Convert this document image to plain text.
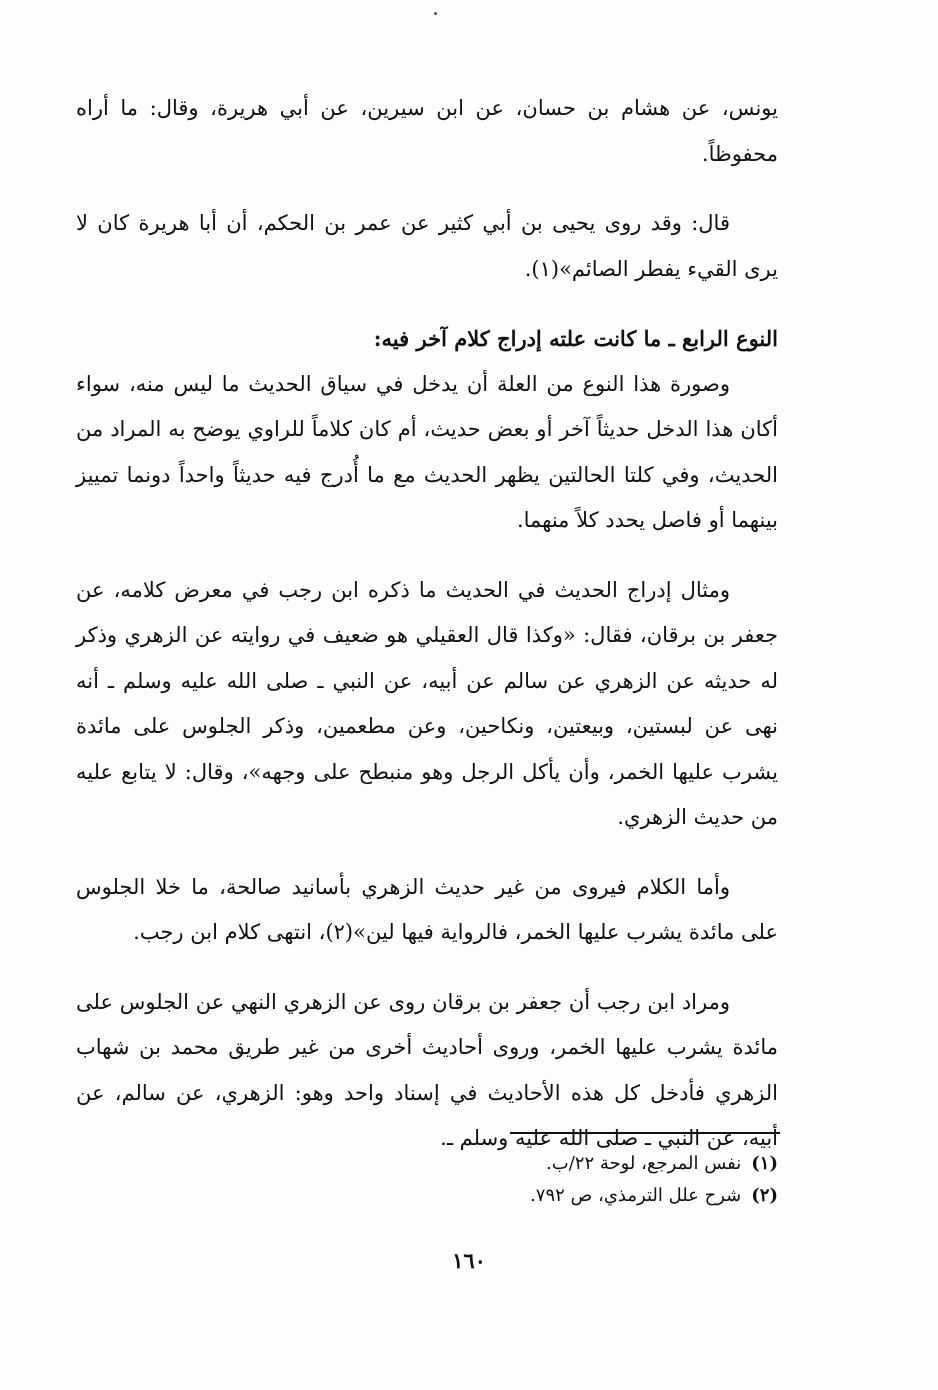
يونس، عن هشام بن حسان، عن ابن سيرين، عن أبي هريرة، وقال: ما أراه محفوظاً.

قال: وقد روى يحيى بن أبي كثير عن عمر بن الحكم، أن أبا هريرة كان لا يرى القيء يفطر الصائم»(١).

النوع الرابع ـ ما كانت علته إدراج كلام آخر فيه:

وصورة هذا النوع من العلة أن يدخل في سياق الحديث ما ليس منه، سواء أكان هذا الدخل حديثاً آخر أو بعض حديث، أم كان كلاماً للراوي يوضح به المراد من الحديث، وفي كلتا الحالتين يظهر الحديث مع ما أُدرج فيه حديثاً واحداً دونما تمييز بينهما أو فاصل يحدد كلاً منهما.

ومثال إدراج الحديث في الحديث ما ذكره ابن رجب في معرض كلامه، عن جعفر بن برقان، فقال: «وكذا قال العقيلي هو ضعيف في روايته عن الزهري وذكر له حديثه عن الزهري عن سالم عن أبيه، عن النبي ـ صلى الله عليه وسلم ـ أنه نهى عن لبستين، وبيعتين، ونكاحين، وعن مطعمين، وذكر الجلوس على مائدة يشرب عليها الخمر، وأن يأكل الرجل وهو منبطح على وجهه»، وقال: لا يتابع عليه من حديث الزهري.

وأما الكلام فيروى من غير حديث الزهري بأسانيد صالحة، ما خلا الجلوس على مائدة يشرب عليها الخمر، فالرواية فيها لين»(٢)، انتهى كلام ابن رجب.

ومراد ابن رجب أن جعفر بن برقان روى عن الزهري النهي عن الجلوس على مائدة يشرب عليها الخمر، وروى أحاديث أخرى من غير طريق محمد بن شهاب الزهري فأدخل كل هذه الأحاديث في إسناد واحد وهو: الزهري، عن سالم، عن أبيه، عن النبي ـ صلى الله عليه وسلم ـ.

(١)نفس المرجع، لوحة ٢٢/ب.

(٢)شرح علل الترمذي، ص ٧٩٢.

١٦٠
